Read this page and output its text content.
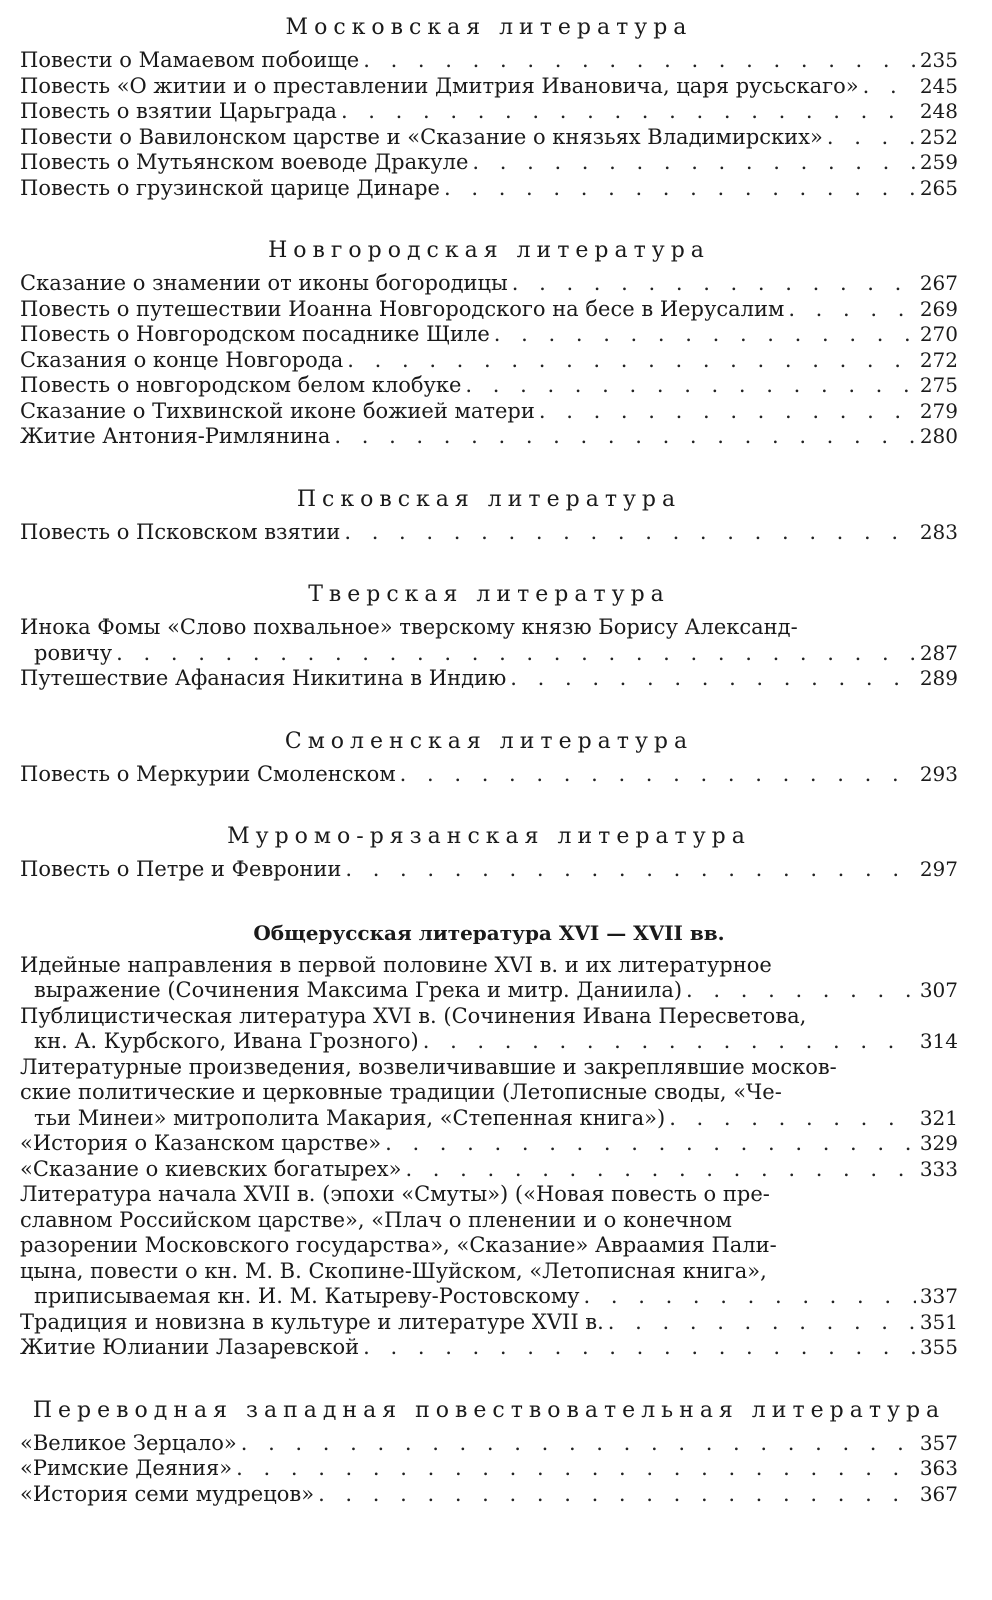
Московская литература
Повести о Мамаевом побоище . . .	235
Повесть «О житии и о преставлении Дмитрия Ивановича, царя русьскаго» . . .	245
Повесть о взятии Царьграда . . .	248
Повести о Вавилонском царстве и «Сказание о князьях Владимирских» . . .	252
Повесть о Мутьянском воеводе Дракуле . . .	259
Повесть о грузинской царице Динаре . . .	265
Новгородская литература
Сказание о знамении от иконы богородицы . . .	267
Повесть о путешествии Иоанна Новгородского на бесе в Иерусалим . . .	269
Повесть о Новгородском посаднике Щиле . . .	270
Сказания о конце Новгорода . . .	272
Повесть о новгородском белом клобуке . . .	275
Сказание о Тихвинской иконе божией матери . . .	279
Житие Антония-Римлянина . . .	280
Псковская литература
Повесть о Псковском взятии . . .	283
Тверская литература
Инока Фомы «Слово похвальное» тверскому князю Борису Александ-
ровичу . . .	287
Путешествие Афанасия Никитина в Индию . . .	289
Смоленская литература
Повесть о Меркурии Смоленском . . .	293
Муромо-рязанская литература
Повесть о Петре и Февронии . . .	297
Общерусская литература XVI — XVII вв.
Идейные направления в первой половине XVI в. и их литературное
выражение (Сочинения Максима Грека и митр. Даниила) . . .	307
Публицистическая литература XVI в. (Сочинения Ивана Пересветова,
кн. А. Курбского, Ивана Грозного) . . .	314
Литературные произведения, возвеличивавшие и закреплявшие москов-
ские политические и церковные традиции (Летописные своды, «Че-
тьи Минеи» митрополита Макария, «Степенная книга») . . .	321
«История о Казанском царстве» . . .	329
«Сказание о киевских богатырех» . . .	333
Литература начала XVII в. (эпохи «Смуты») («Новая повесть о пре-
славном Российском царстве», «Плач о пленении и о конечном
разорении Московского государства», «Сказание» Авраамия Пали-
цына, повести о кн. М. В. Скопине-Шуйском, «Летописная книга»,
приписываемая кн. И. М. Катыреву-Ростовскому . . .	337
Традиция и новизна в культуре и литературе XVII в. . . .	351
Житие Юлиании Лазаревской . . .	355
Переводная западная повествовательная литература
«Великое Зерцало» . . .	357
«Римские Деяния» . . .	363
«История семи мудрецов» . . .	367
